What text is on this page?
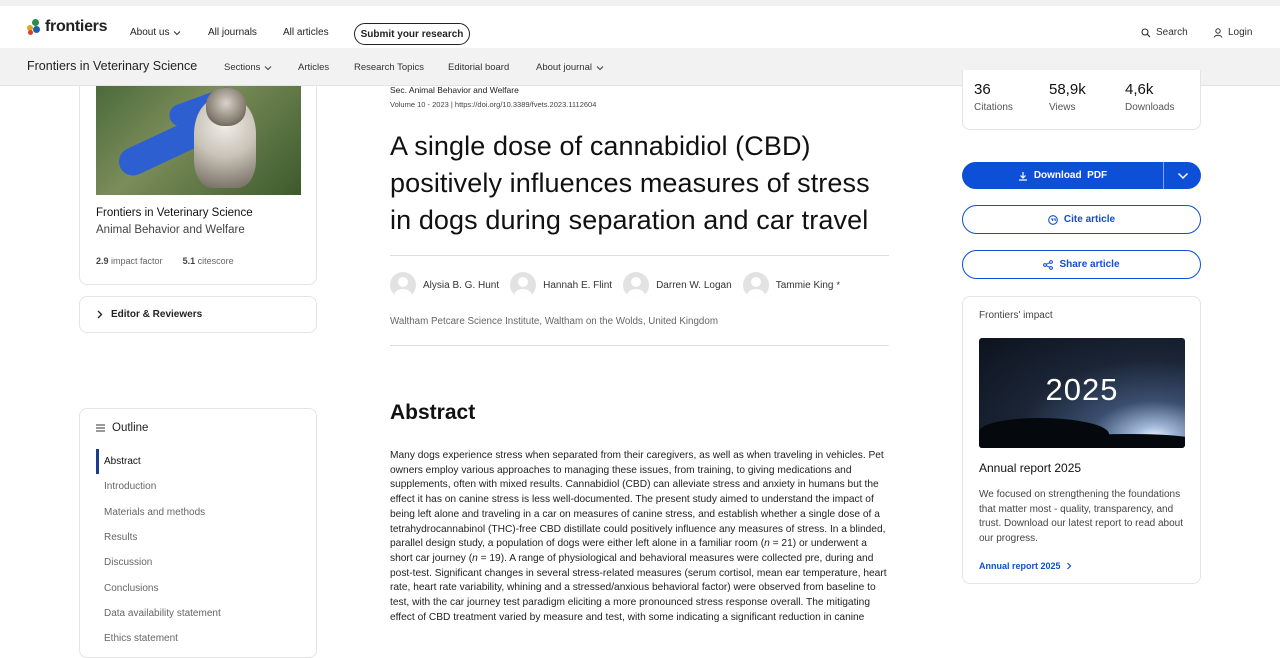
frontiers About us	All journals	All articles	Submit your research	Search	Login
Frontiers in Veterinary Science	Sections	Articles	Research Topics	Editorial board	About journal
Frontiers in Veterinary Science
Animal Behavior and Welfare
2.9 impact factor 5.1 citescore
Editor & Reviewers
Outline
Abstract
Introduction
Materials and methods
Results
Discussion
Conclusions
Data availability statement
Ethics statement
Sec. Animal Behavior and Welfare
Volume 10 - 2023 | https://doi.org/10.3389/fvets.2023.1112604
A single dose of cannabidiol (CBD) positively influences measures of stress in dogs during separation and car travel
Alysia B. G. Hunt	Hannah E. Flint	Darren W. Logan	Tammie King *
Waltham Petcare Science Institute, Waltham on the Wolds, United Kingdom
Abstract

Many dogs experience stress when separated from their caregivers, as well as when traveling in vehicles. Pet owners employ various approaches to managing these issues, from training, to giving medications and supplements, often with mixed results. Cannabidiol (CBD) can alleviate stress and anxiety in humans but the effect it has on canine stress is less well-documented. The present study aimed to understand the impact of being left alone and traveling in a car on measures of canine stress, and establish whether a single dose of a tetrahydrocannabinol (THC)-free CBD distillate could positively influence any measures of stress. In a blinded, parallel design study, a population of dogs were either left alone in a familiar room (n = 21) or underwent a short car journey (n = 19). A range of physiological and behavioral measures were collected pre, during and post-test. Significant changes in several stress-related measures (serum cortisol, mean ear temperature, heart rate, heart rate variability, whining and a stressed/anxious behavioral factor) were observed from baseline to test, with the car journey test paradigm eliciting a more pronounced stress response overall. The mitigating effect of CBD treatment varied by measure and test, with some indicating a significant reduction in canine

36
Citations
58,9k
Views
4,6k
Downloads
Download  PDF
Cite article
Share article
Frontiers' impact
2025
Annual report 2025
We focused on strengthening the foundations that matter most - quality, transparency, and trust. Download our latest report to read about our progress.
Annual report 2025
